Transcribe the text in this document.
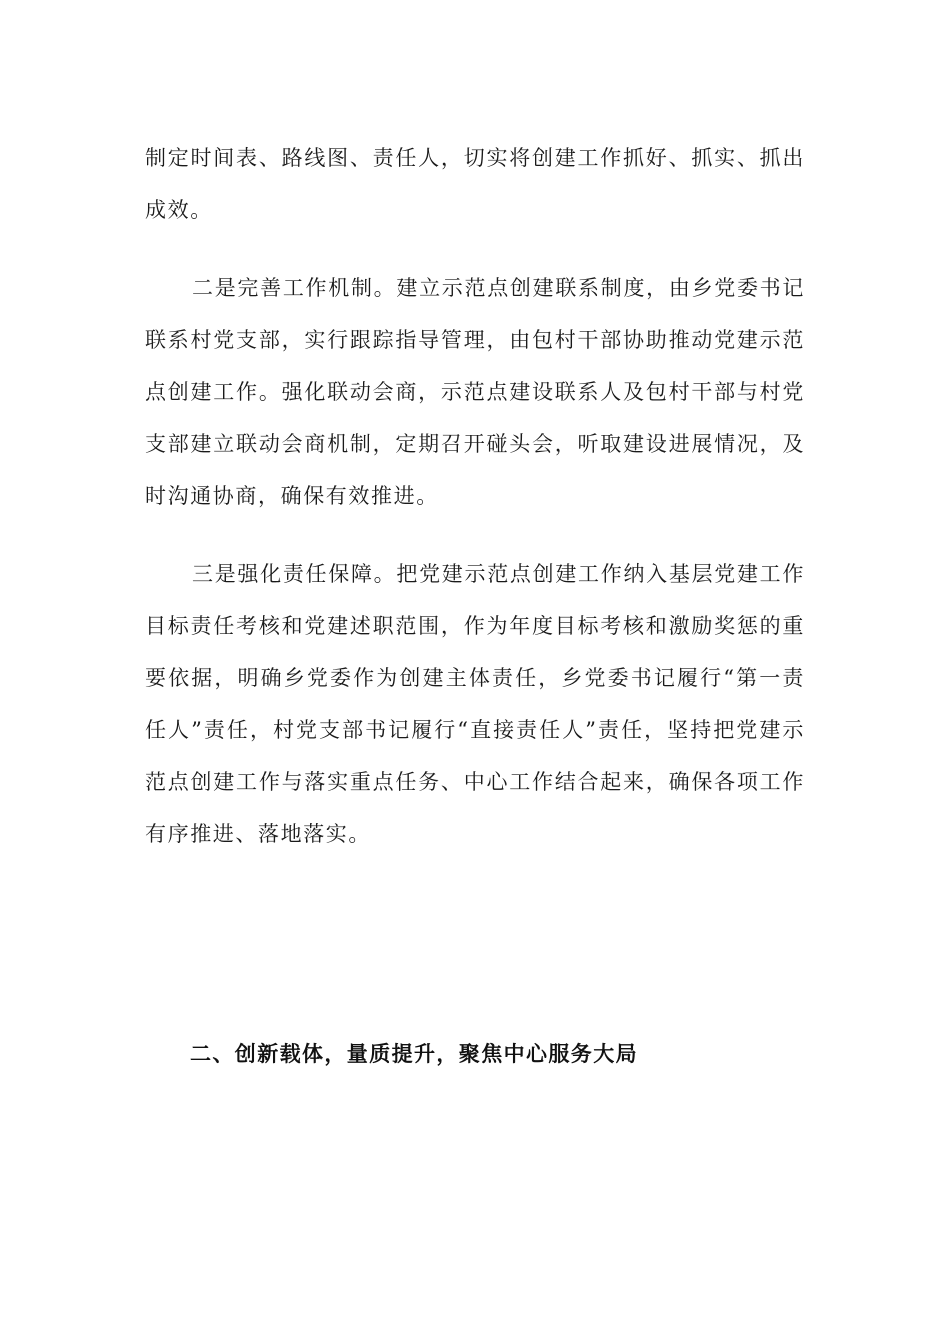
制定时间表、路线图、责任人，切实将创建工作抓好、抓实、抓出成效。

二是完善工作机制。建立示范点创建联系制度，由乡党委书记联系村党支部，实行跟踪指导管理，由包村干部协助推动党建示范点创建工作。强化联动会商，示范点建设联系人及包村干部与村党支部建立联动会商机制，定期召开碰头会，听取建设进展情况，及时沟通协商，确保有效推进。

三是强化责任保障。把党建示范点创建工作纳入基层党建工作目标责任考核和党建述职范围，作为年度目标考核和激励奖惩的重要依据，明确乡党委作为创建主体责任，乡党委书记履行“第一责任人”责任，村党支部书记履行“直接责任人”责任，坚持把党建示范点创建工作与落实重点任务、中心工作结合起来，确保各项工作有序推进、落地落实。

二、创新载体，量质提升，聚焦中心服务大局
